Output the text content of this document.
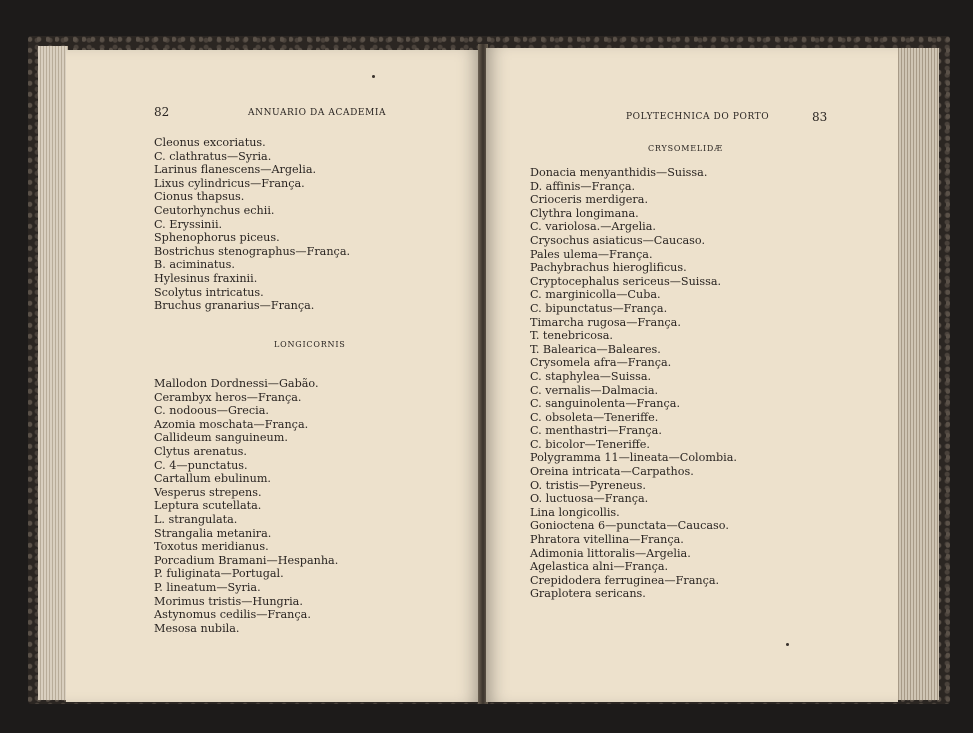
82	ANNUARIO DA ACADEMIA
Cleonus excoriatus.
C. clathratus—Syria.
Larinus flanescens—Argelia.
Lixus cylindricus—França.
Cionus thapsus.
Ceutorhynchus echii.
C. Eryssinii.
Sphenophorus piceus.
Bostrichus stenographus—França.
B. aciminatus.
Hylesinus fraxinii.
Scolytus intricatus.
Bruchus granarius—França.
LONGICORNIS
Mallodon Dordnessi—Gabão.
Cerambyx heros—França.
C. nodoous—Grecia.
Azomia moschata—França.
Callideum sanguineum.
Clytus arenatus.
C. 4—punctatus.
Cartallum ebulinum.
Vesperus strepens.
Leptura scutellata.
L. strangulata.
Strangalia metanira.
Toxotus meridianus.
Porcadium Bramani—Hespanha.
P. fuliginata—Portugal.
P. lineatum—Syria.
Morimus tristis—Hungria.
Astynomus cedilis—França.
Mesosa nubila.
POLYTECHNICA DO PORTO	83
CRYSOMELIDÆ
Donacia menyanthidis—Suissa.
D. affinis—França.
Crioceris merdigera.
Clythra longimana.
C. variolosa.—Argelia.
Crysochus asiaticus—Caucaso.
Pales ulema—França.
Pachybrachus hieroglificus.
Cryptocephalus sericeus—Suissa.
C. marginicolla—Cuba.
C. bipunctatus—França.
Timarcha rugosa—França.
T. tenebricosa.
T. Balearica—Baleares.
Crysomela afra—França.
C. staphylea—Suissa.
C. vernalis—Dalmacia.
C. sanguinolenta—França.
C. obsoleta—Teneriffe.
C. menthastri—França.
C. bicolor—Teneriffe.
Polygramma 11—lineata—Colombia.
Oreina intricata—Carpathos.
O. tristis—Pyreneus.
O. luctuosa—França.
Lina longicollis.
Gonioctena 6—punctata—Caucaso.
Phratora vitellina—França.
Adimonia littoralis—Argelia.
Agelastica alni—França.
Crepidodera ferruginea—França.
Graplotera sericans.
